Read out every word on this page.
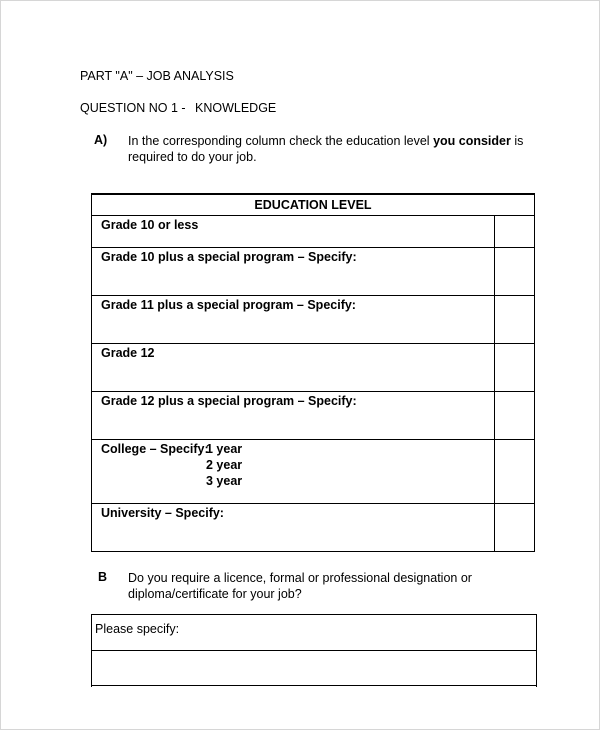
PART "A" – JOB ANALYSIS
QUESTION NO 1 - KNOWLEDGE
A) In the corresponding column check the education level you consider is required to do your job.
EDUCATION LEVEL
Grade 10 or less
Grade 10 plus a special program – Specify:
Grade 11 plus a special program – Specify:
Grade 12
Grade 12 plus a special program – Specify:
College – Specify:
1 year
2 year
3 year
University – Specify:
B Do you require a licence, formal or professional designation or diploma/certificate for your job?
Please specify:
